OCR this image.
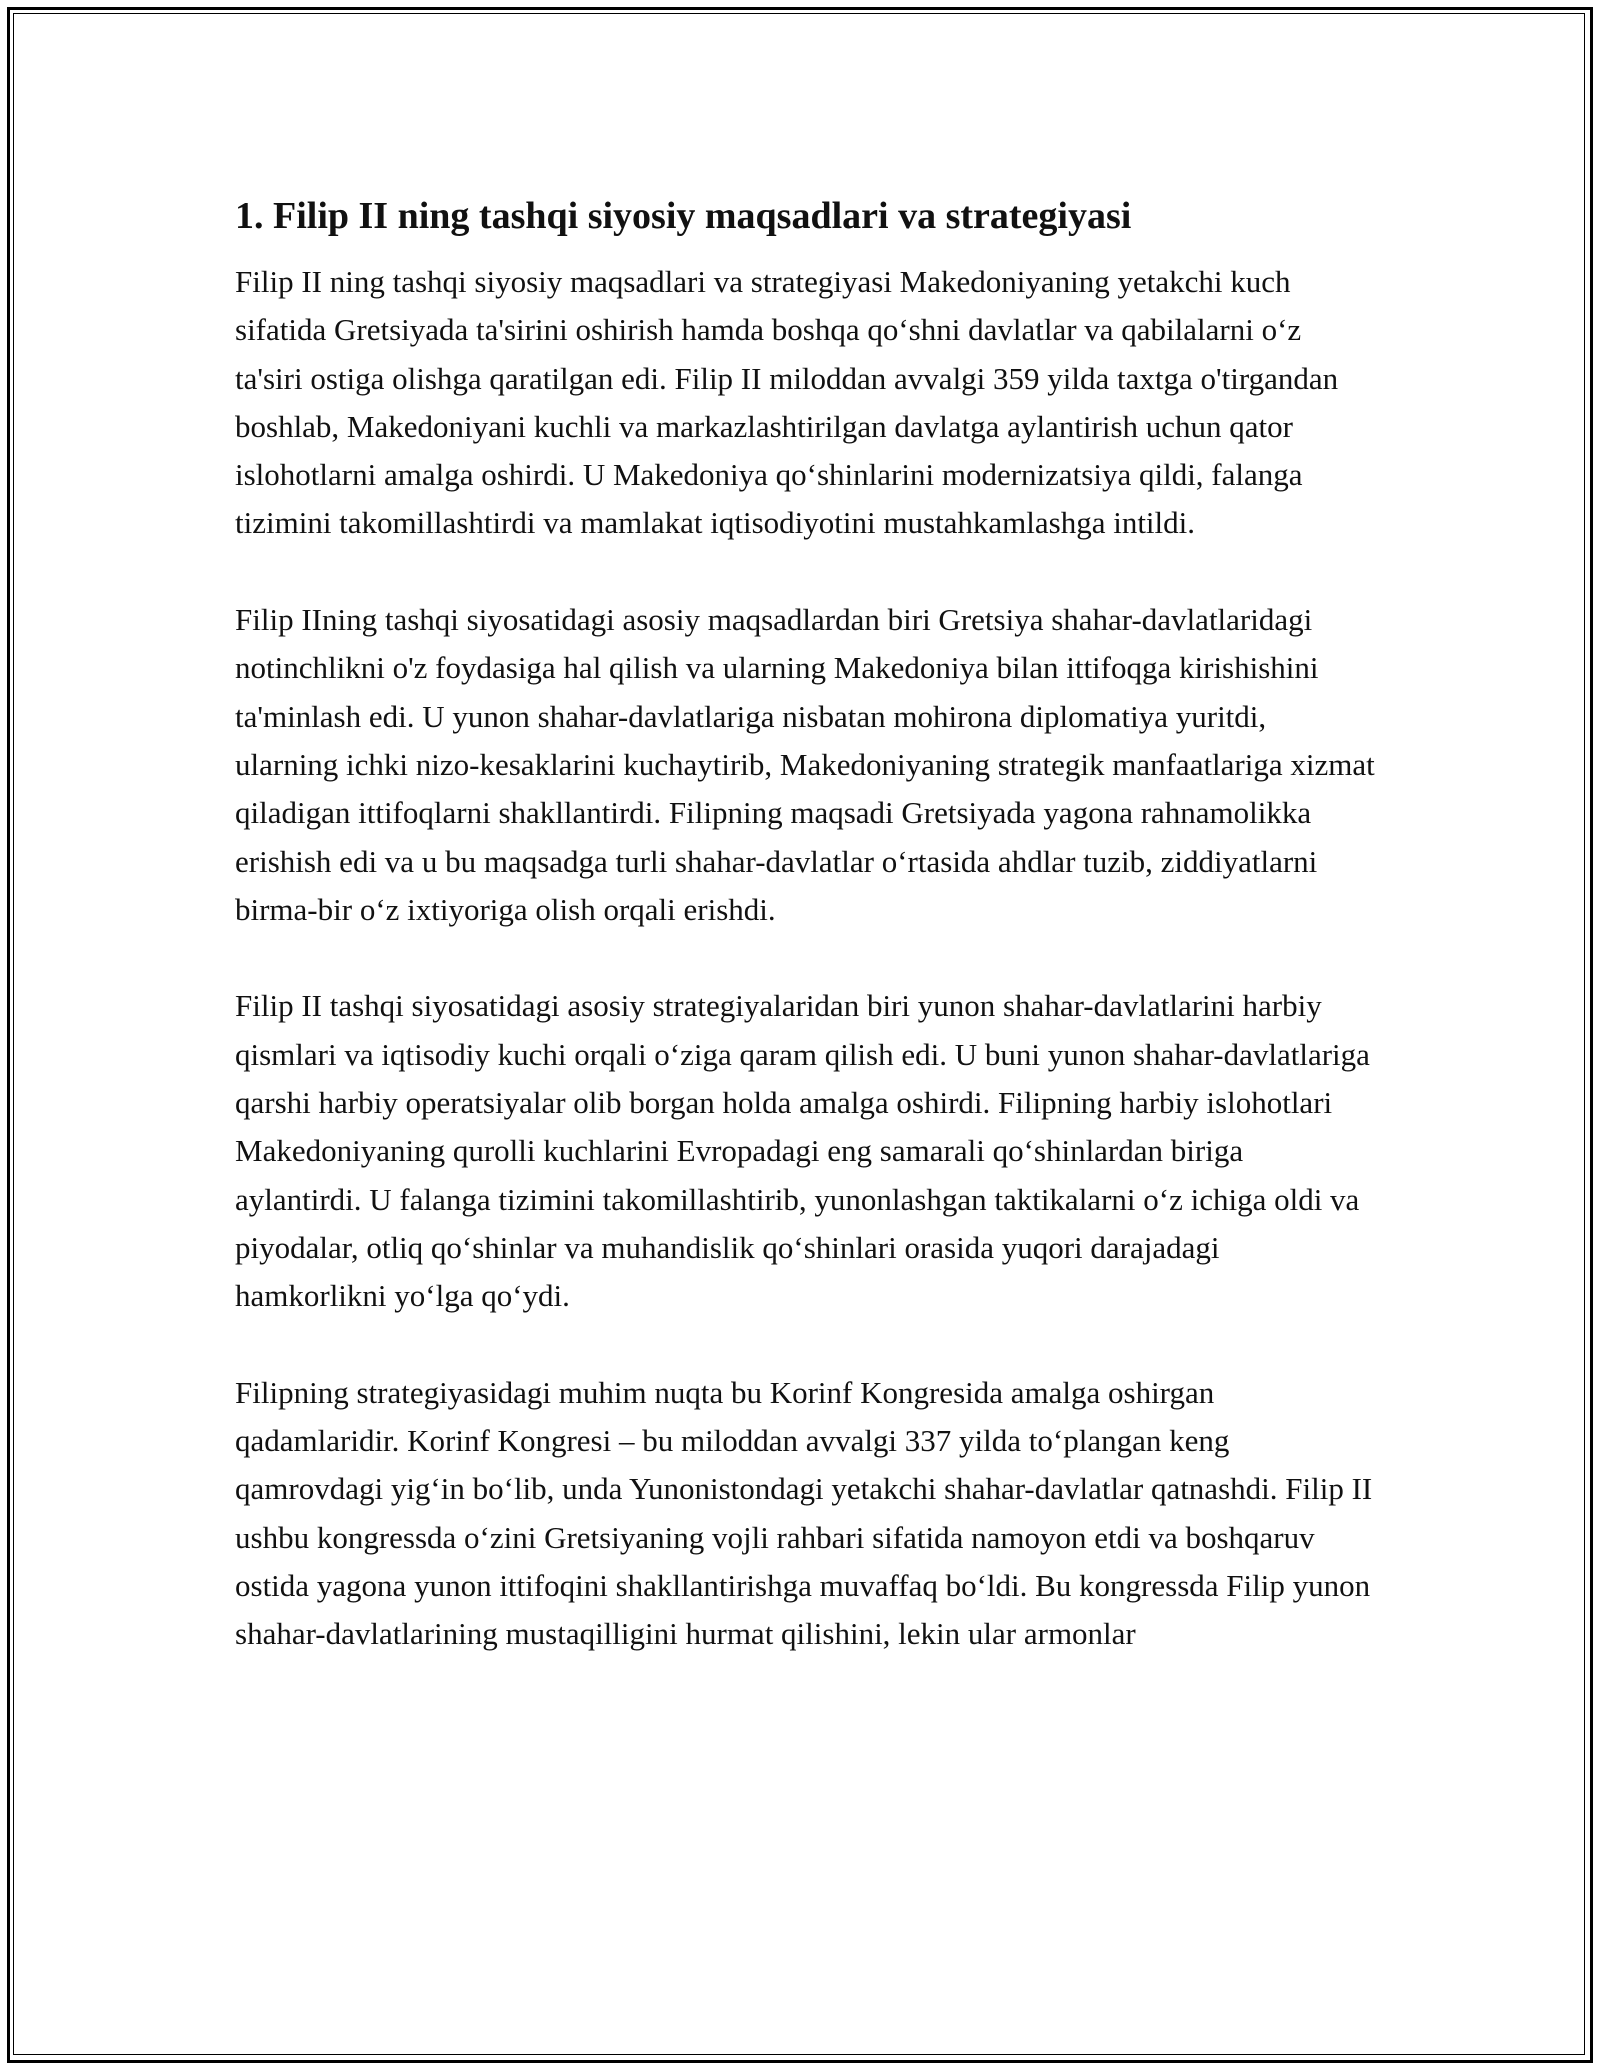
1. Filip II ning tashqi siyosiy maqsadlari va strategiyasi

Filip II ning tashqi siyosiy maqsadlari va strategiyasi Makedoniyaning yetakchi kuch sifatida Gretsiyada ta'sirini oshirish hamda boshqa qo‘shni davlatlar va qabilalarni o‘z ta'siri ostiga olishga qaratilgan edi. Filip II miloddan avvalgi 359 yilda taxtga o'tirgandan boshlab, Makedoniyani kuchli va markazlashtirilgan davlatga aylantirish uchun qator islohotlarni amalga oshirdi. U Makedoniya qo‘shinlarini modernizatsiya qildi, falanga tizimini takomillashtirdi va mamlakat iqtisodiyotini mustahkamlashga intildi.

Filip IIning tashqi siyosatidagi asosiy maqsadlardan biri Gretsiya shahar-davlatlaridagi notinchlikni o'z foydasiga hal qilish va ularning Makedoniya bilan ittifoqga kirishishini ta'minlash edi. U yunon shahar-davlatlariga nisbatan mohirona diplomatiya yuritdi, ularning ichki nizo-kesaklarini kuchaytirib, Makedoniyaning strategik manfaatlariga xizmat qiladigan ittifoqlarni shakllantirdi. Filipning maqsadi Gretsiyada yagona rahnamolikka erishish edi va u bu maqsadga turli shahar-davlatlar o‘rtasida ahdlar tuzib, ziddiyatlarni birma-bir o‘z ixtiyoriga olish orqali erishdi.

Filip II tashqi siyosatidagi asosiy strategiyalaridan biri yunon shahar-davlatlarini harbiy qismlari va iqtisodiy kuchi orqali o‘ziga qaram qilish edi. U buni yunon shahar-davlatlariga qarshi harbiy operatsiyalar olib borgan holda amalga oshirdi. Filipning harbiy islohotlari Makedoniyaning qurolli kuchlarini Evropadagi eng samarali qo‘shinlardan biriga aylantirdi. U falanga tizimini takomillashtirib, yunonlashgan taktikalarni o‘z ichiga oldi va piyodalar, otliq qo‘shinlar va muhandislik qo‘shinlari orasida yuqori darajadagi hamkorlikni yo‘lga qo‘ydi.

Filipning strategiyasidagi muhim nuqta bu Korinf Kongresida amalga oshirgan qadamlaridir. Korinf Kongresi – bu miloddan avvalgi 337 yilda to‘plangan keng qamrovdagi yig‘in bo‘lib, unda Yunonistondagi yetakchi shahar-davlatlar qatnashdi. Filip II ushbu kongressda o‘zini Gretsiyaning vojli rahbari sifatida namoyon etdi va boshqaruv ostida yagona yunon ittifoqini shakllantirishga muvaffaq bo‘ldi. Bu kongressda Filip yunon shahar-davlatlarining mustaqilligini hurmat qilishini, lekin ular armonlar
